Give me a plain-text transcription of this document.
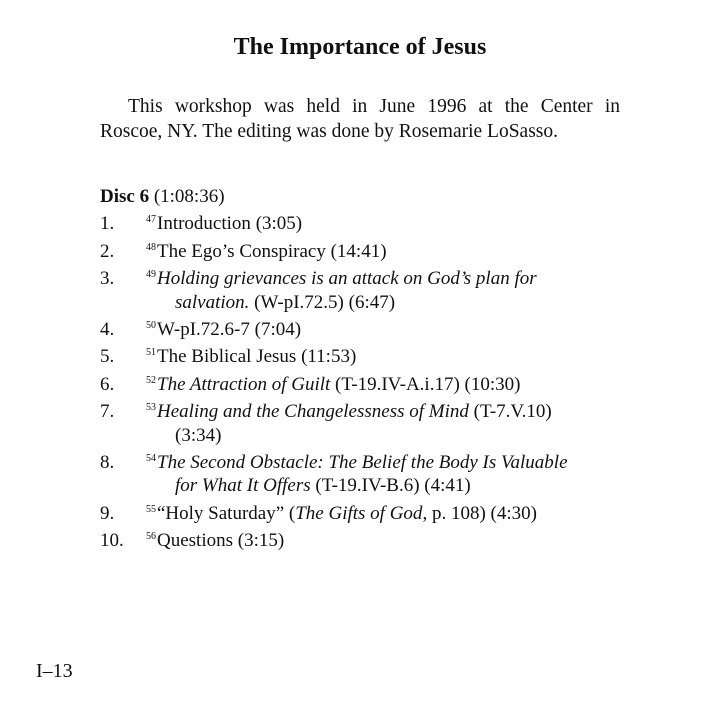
The Importance of Jesus
This workshop was held in June 1996 at the Center in
Roscoe, NY. The editing was done by Rosemarie LoSasso.
Disc 6 (1:08:36)
1.	$^{47}$Introduction (3:05)
2.	$^{48}$The Ego’s Conspiracy (14:41)
3.	$^{49}$Holding grievances is an attack on God’s plan for
salvation. (W-pI.72.5) (6:47)
4.	$^{50}$W-pI.72.6-7 (7:04)
5.	$^{51}$The Biblical Jesus (11:53)
6.	$^{52}$The Attraction of Guilt (T-19.IV-A.i.17) (10:30)
7.	$^{53}$Healing and the Changelessness of Mind (T-7.V.10)
(3:34)
8.	$^{54}$The Second Obstacle: The Belief the Body Is Valuable
for What It Offers (T-19.IV-B.6) (4:41)
9.	$^{55}$“Holy Saturday” (The Gifts of God, p. 108) (4:30)
10. $^{56}$Questions (3:15)
I–13
